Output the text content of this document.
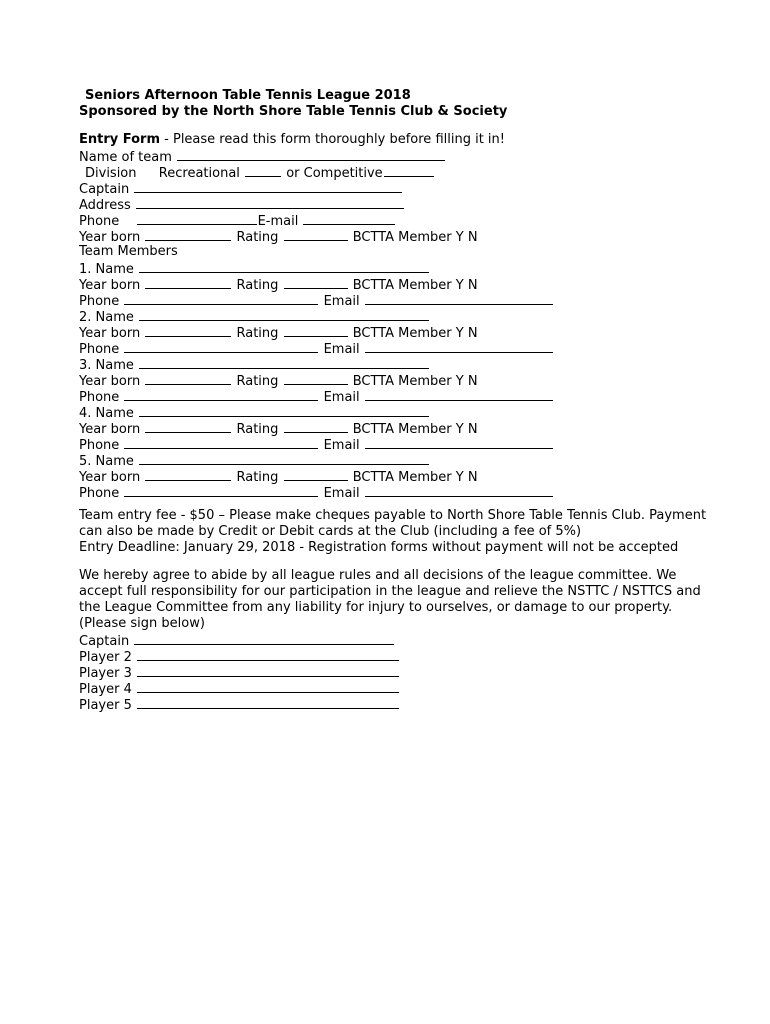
Seniors Afternoon Table Tennis League 2018
Sponsored by the North Shore Table Tennis Club & Society
Entry Form - Please read this form thoroughly before filling it in!
Name of team
Division Recreational	or Competitive
Captain
Address
Phone	E-mail
Year born	Rating	BCTTA Member Y N
Team Members
1. Name
Year born	Rating	BCTTA Member Y N
Phone	Email
2. Name
Year born	Rating	BCTTA Member Y N
Phone	Email
3. Name
Year born	Rating	BCTTA Member Y N
Phone	Email
4. Name
Year born	Rating	BCTTA Member Y N
Phone	Email
5. Name
Year born	Rating	BCTTA Member Y N
Phone	Email
Team entry fee - $50 – Please make cheques payable to North Shore Table Tennis Club. Payment can also be made by Credit or Debit cards at the Club (including a fee of 5%)
Entry Deadline: January 29, 2018 - Registration forms without payment will not be accepted
We hereby agree to abide by all league rules and all decisions of the league committee. We accept full responsibility for our participation in the league and relieve the NSTTC / NSTTCS and the League Committee from any liability for injury to ourselves, or damage to our property. (Please sign below)
Captain
Player 2
Player 3
Player 4
Player 5
